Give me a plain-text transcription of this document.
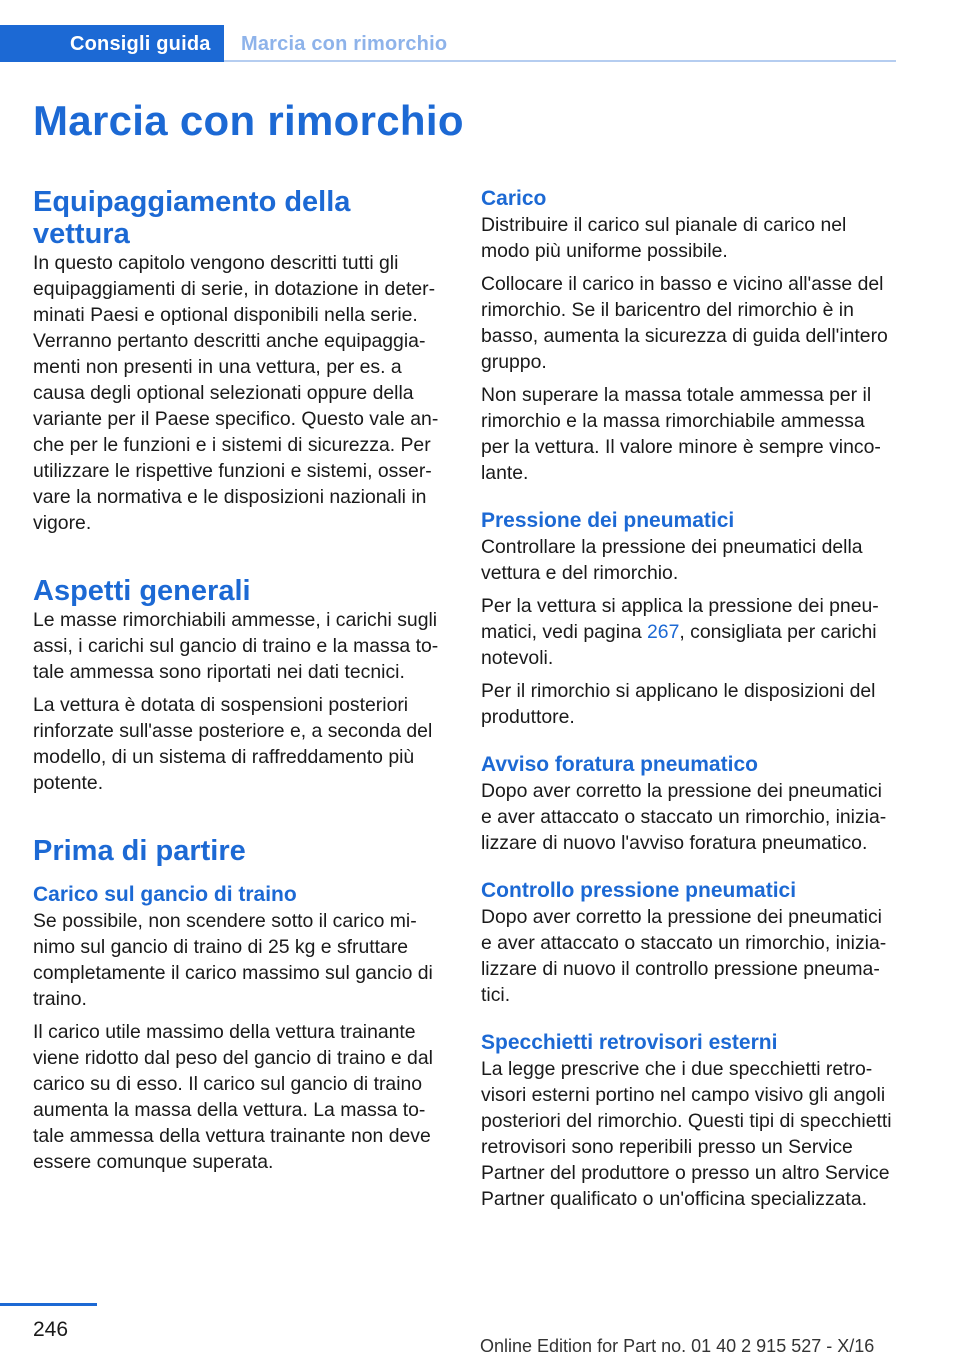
Consigli guida Marcia con rimorchio
Marcia con rimorchio
Equipaggiamento della
vettura

In questo capitolo vengono descritti tutti gli equipaggiamenti di serie, in dotazione in determinati Paesi e optional disponibili nella serie. Verranno pertanto descritti anche equipaggiamenti non presenti in una vettura, per es. a causa degli optional selezionati oppure della variante per il Paese specifico. Questo vale anche per le funzioni e i sistemi di sicurezza. Per utilizzare le rispettive funzioni e sistemi, osservare la normativa e le disposizioni nazionali in vigore.

Aspetti generali

Le masse rimorchiabili ammesse, i carichi sugli assi, i carichi sul gancio di traino e la massa totale ammessa sono riportati nei dati tecnici.

La vettura è dotata di sospensioni posteriori rinforzate sull'asse posteriore e, a seconda del modello, di un sistema di raffreddamento più potente.

Prima di partire
Carico sul gancio di traino

Se possibile, non scendere sotto il carico minimo sul gancio di traino di 25 kg e sfruttare completamente il carico massimo sul gancio di traino.

Il carico utile massimo della vettura trainante viene ridotto dal peso del gancio di traino e dal carico su di esso. Il carico sul gancio di traino aumenta la massa della vettura. La massa totale ammessa della vettura trainante non deve essere comunque superata.

Carico

Distribuire il carico sul pianale di carico nel modo più uniforme possibile.

Collocare il carico in basso e vicino all'asse del rimorchio. Se il baricentro del rimorchio è in basso, aumenta la sicurezza di guida dell'intero gruppo.

Non superare la massa totale ammessa per il rimorchio e la massa rimorchiabile ammessa per la vettura. Il valore minore è sempre vincolante.

Pressione dei pneumatici

Controllare la pressione dei pneumatici della vettura e del rimorchio.

Per la vettura si applica la pressione dei pneumatici, vedi pagina 267, consigliata per carichi notevoli.

Per il rimorchio si applicano le disposizioni del produttore.

Avviso foratura pneumatico

Dopo aver corretto la pressione dei pneumatici e aver attaccato o staccato un rimorchio, inizializzare di nuovo l'avviso foratura pneumatico.

Controllo pressione pneumatici

Dopo aver corretto la pressione dei pneumatici e aver attaccato o staccato un rimorchio, inizializzare di nuovo il controllo pressione pneumatici.

Specchietti retrovisori esterni

La legge prescrive che i due specchietti retrovisori esterni portino nel campo visivo gli angoli posteriori del rimorchio. Questi tipi di specchietti retrovisori sono reperibili presso un Service Partner del produttore o presso un altro Service Partner qualificato o un'officina specializzata.

246
Online Edition for Part no. 01 40 2 915 527 - X/16
